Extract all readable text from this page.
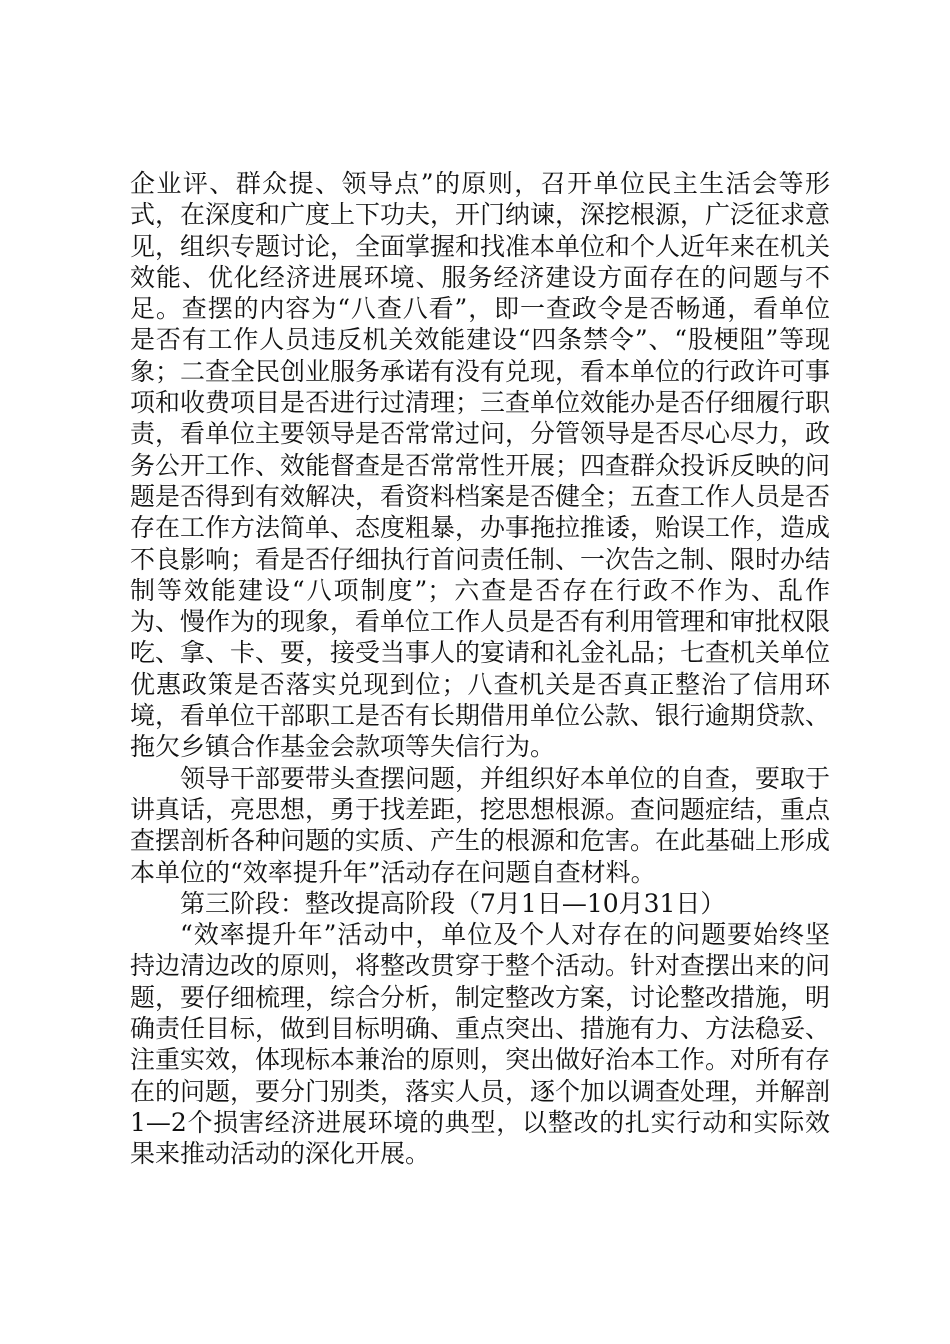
企业评、群众提、领导点”的原则，召开单位民主生活会等形式，在深度和广度上下功夫，开门纳谏，深挖根源，广泛征求意见，组织专题讨论，全面掌握和找准本单位和个人近年来在机关效能、优化经济进展环境、服务经济建设方面存在的问题与不足。查摆的内容为“八查八看”，即一查政令是否畅通，看单位是否有工作人员违反机关效能建设“四条禁令”、“股梗阻”等现象；二查全民创业服务承诺有没有兑现，看本单位的行政许可事项和收费项目是否进行过清理；三查单位效能办是否仔细履行职责，看单位主要领导是否常常过问，分管领导是否尽心尽力，政务公开工作、效能督查是否常常性开展；四查群众投诉反映的问题是否得到有效解决，看资料档案是否健全；五查工作人员是否存在工作方法简单、态度粗暴，办事拖拉推诿，贻误工作，造成不良影响；看是否仔细执行首问责任制、一次告之制、限时办结制等效能建设“八项制度”；六查是否存在行政不作为、乱作为、慢作为的现象，看单位工作人员是否有利用管理和审批权限吃、拿、卡、要，接受当事人的宴请和礼金礼品；七查机关单位优惠政策是否落实兑现到位；八查机关是否真正整治了信用环境，看单位干部职工是否有长期借用单位公款、银行逾期贷款、拖欠乡镇合作基金会款项等失信行为。

领导干部要带头查摆问题，并组织好本单位的自查，要取于讲真话，亮思想，勇于找差距，挖思想根源。查问题症结，重点查摆剖析各种问题的实质、产生的根源和危害。在此基础上形成本单位的“效率提升年”活动存在问题自查材料。

第三阶段：整改提高阶段（7月1日—10月31日）

“效率提升年”活动中，单位及个人对存在的问题要始终坚持边清边改的原则，将整改贯穿于整个活动。针对查摆出来的问题，要仔细梳理，综合分析，制定整改方案，讨论整改措施，明确责任目标，做到目标明确、重点突出、措施有力、方法稳妥、注重实效，体现标本兼治的原则，突出做好治本工作。对所有存在的问题，要分门别类，落实人员，逐个加以调查处理，并解剖1—2个损害经济进展环境的典型，以整改的扎实行动和实际效果来推动活动的深化开展。
